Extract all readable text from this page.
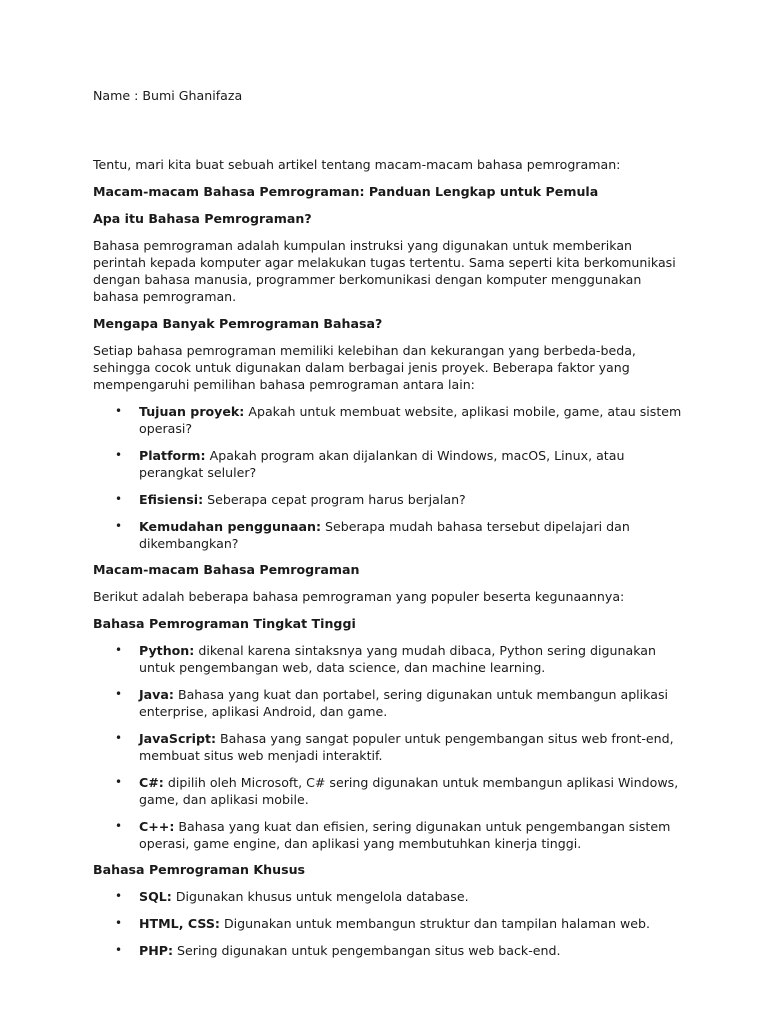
Name : Bumi Ghanifaza

Tentu, mari kita buat sebuah artikel tentang macam-macam bahasa pemrograman:

Macam-macam Bahasa Pemrograman: Panduan Lengkap untuk Pemula

Apa itu Bahasa Pemrograman?

Bahasa pemrograman adalah kumpulan instruksi yang digunakan untuk memberikan perintah kepada komputer agar melakukan tugas tertentu. Sama seperti kita berkomunikasi dengan bahasa manusia, programmer berkomunikasi dengan komputer menggunakan bahasa pemrograman.

Mengapa Banyak Pemrograman Bahasa?

Setiap bahasa pemrograman memiliki kelebihan dan kekurangan yang berbeda-beda, sehingga cocok untuk digunakan dalam berbagai jenis proyek. Beberapa faktor yang mempengaruhi pemilihan bahasa pemrograman antara lain:

• Tujuan proyek: Apakah untuk membuat website, aplikasi mobile, game, atau sistem operasi?
• Platform: Apakah program akan dijalankan di Windows, macOS, Linux, atau perangkat seluler?
• Efisiensi: Seberapa cepat program harus berjalan?
• Kemudahan penggunaan: Seberapa mudah bahasa tersebut dipelajari dan dikembangkan?

Macam-macam Bahasa Pemrograman

Berikut adalah beberapa bahasa pemrograman yang populer beserta kegunaannya:

Bahasa Pemrograman Tingkat Tinggi

• Python: dikenal karena sintaksnya yang mudah dibaca, Python sering digunakan untuk pengembangan web, data science, dan machine learning.
• Java: Bahasa yang kuat dan portabel, sering digunakan untuk membangun aplikasi enterprise, aplikasi Android, dan game.
• JavaScript: Bahasa yang sangat populer untuk pengembangan situs web front-end, membuat situs web menjadi interaktif.
• C#: dipilih oleh Microsoft, C# sering digunakan untuk membangun aplikasi Windows, game, dan aplikasi mobile.
• C++: Bahasa yang kuat dan efisien, sering digunakan untuk pengembangan sistem operasi, game engine, dan aplikasi yang membutuhkan kinerja tinggi.

Bahasa Pemrograman Khusus

• SQL: Digunakan khusus untuk mengelola database.
• HTML, CSS: Digunakan untuk membangun struktur dan tampilan halaman web.
• PHP: Sering digunakan untuk pengembangan situs web back-end.
